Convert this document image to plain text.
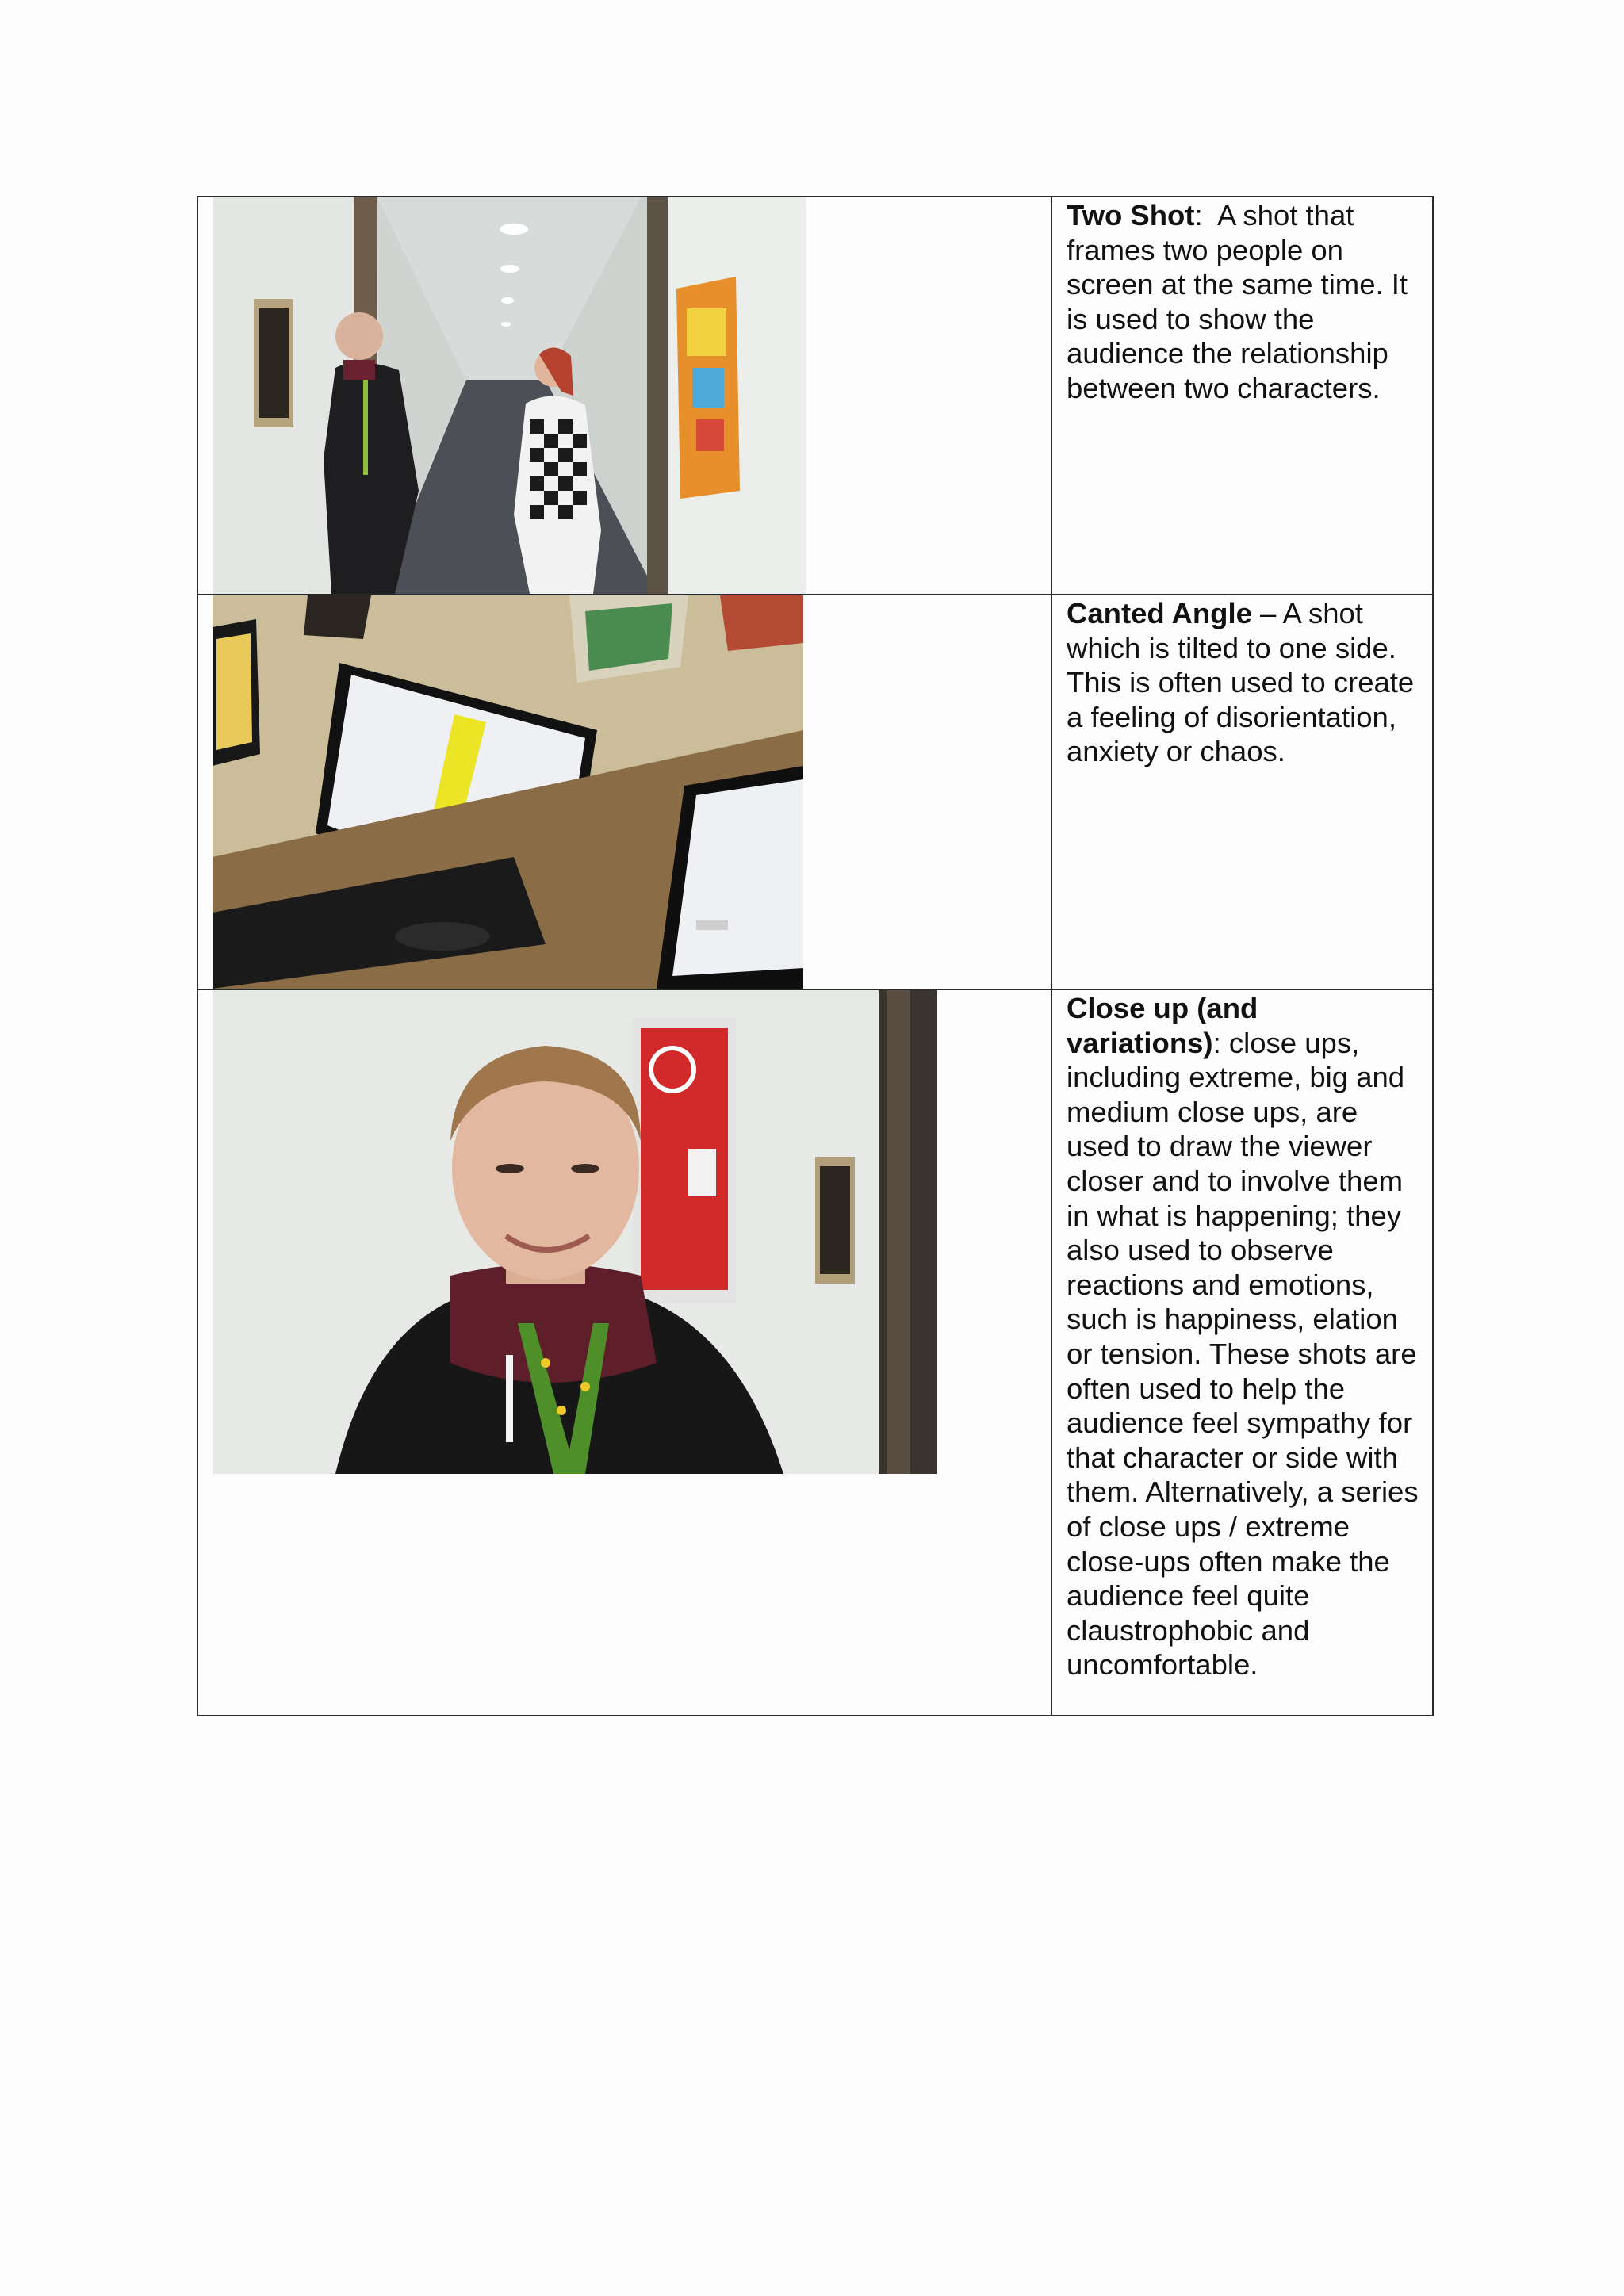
Two Shot:  A shot that frames two people on screen at the same time. It is used to show the audience the relationship between two characters.

Canted Angle – A shot which is tilted to one side. This is often used to create a feeling of disorientation, anxiety or chaos.

Close up (and variations): close ups, including extreme, big and medium close ups, are used to draw the viewer closer and to involve them in what is happening; they also used to observe reactions and emotions, such is happiness, elation or tension. These shots are often used to help the audience feel sympathy for that character or side with them. Alternatively, a series of close ups / extreme close-ups often make the audience feel quite claustrophobic and uncomfortable.
